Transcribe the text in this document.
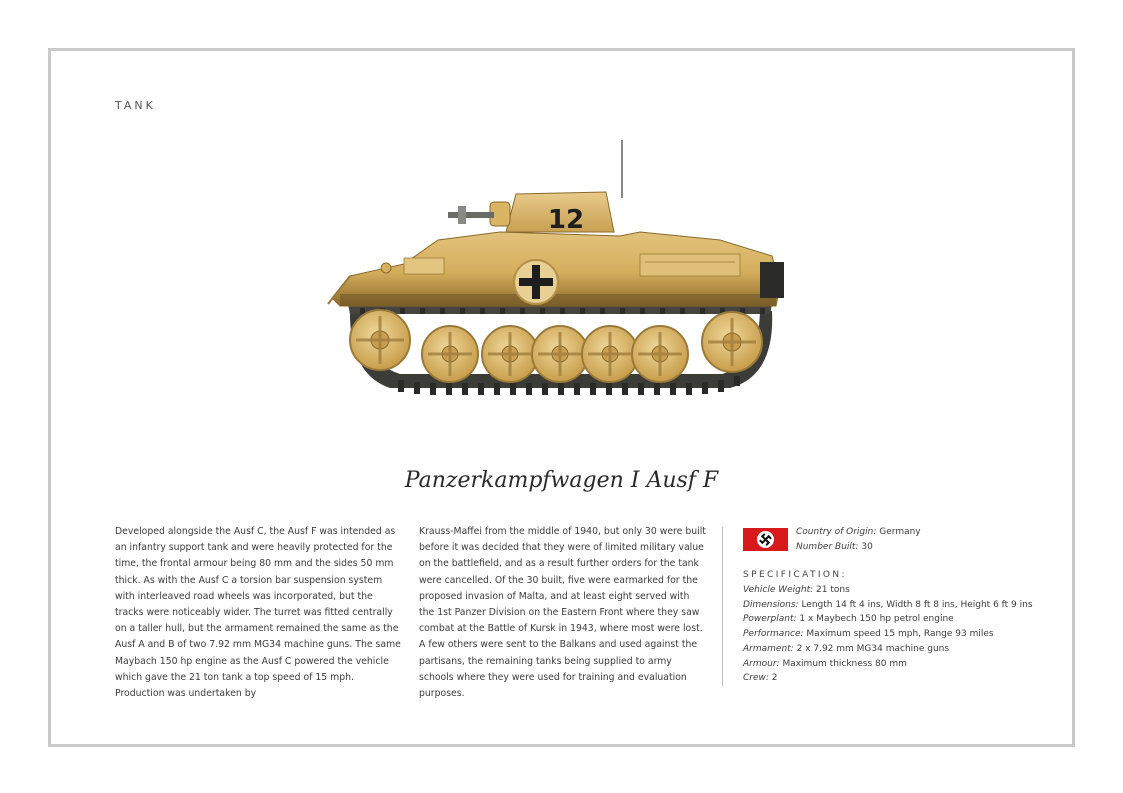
TANK
12
Panzerkampfwagen I Ausf F
Developed alongside the Ausf C, the Ausf F was intended as an infantry support tank and were heavily protected for the time, the frontal armour being 80 mm and the sides 50 mm thick. As with the Ausf C a torsion bar suspension system with interleaved road wheels was incorporated, but the tracks were noticeably wider. The turret was fitted centrally on a taller hull, but the armament remained the same as the Ausf A and B of two 7.92 mm MG34 machine guns. The same Maybach 150 hp engine as the Ausf C powered the vehicle which gave the 21 ton tank a top speed of 15 mph. Production was undertaken by
Krauss-Maffei from the middle of 1940, but only 30 were built before it was decided that they were of limited military value on the battlefield, and as a result further orders for the tank were cancelled. Of the 30 built, five were earmarked for the proposed invasion of Malta, and at least eight served with the 1st Panzer Division on the Eastern Front where they saw combat at the Battle of Kursk in 1943, where most were lost. A few others were sent to the Balkans and used against the partisans, the remaining tanks being supplied to army schools where they were used for training and evaluation purposes.
Country of Origin: Germany
Number Built: 30
SPECIFICATION:
Vehicle Weight: 21 tons
Dimensions: Length 14 ft 4 ins, Width 8 ft 8 ins, Height 6 ft 9 ins
Powerplant: 1 x Maybech 150 hp petrol engine
Performance: Maximum speed 15 mph, Range 93 miles
Armament: 2 x 7.92 mm MG34 machine guns
Armour: Maximum thickness 80 mm
Crew: 2
